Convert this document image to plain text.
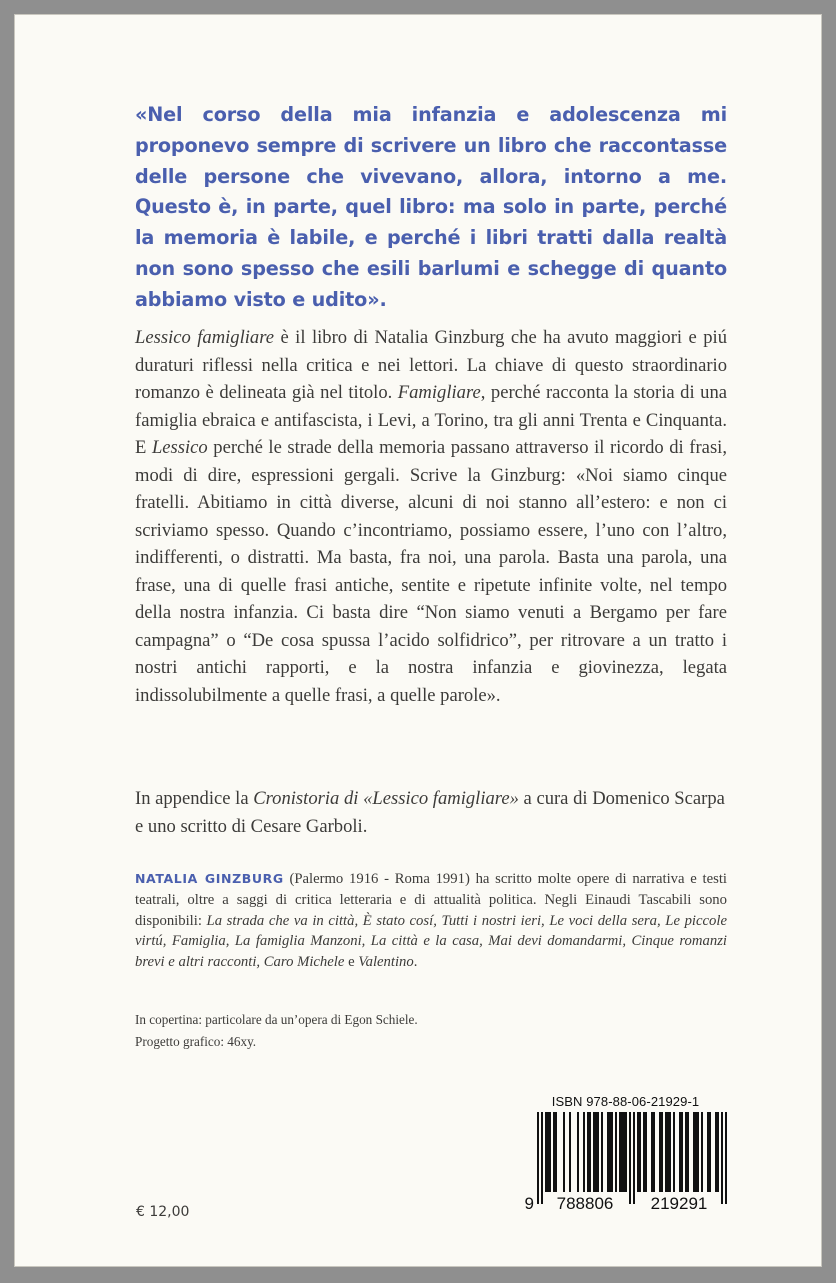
«Nel corso della mia infanzia e adolescenza mi proponevo sempre di scrivere un libro che raccontasse delle persone che vivevano, allora, intorno a me. Questo è, in parte, quel libro: ma solo in parte, perché la memoria è labile, e perché i libri tratti dalla realtà non sono spesso che esili barlumi e schegge di quanto abbiamo visto e udito».

Lessico famigliare è il libro di Natalia Ginzburg che ha avuto maggiori e piú duraturi riflessi nella critica e nei lettori. La chiave di questo straordinario romanzo è delineata già nel titolo. Famigliare, perché racconta la storia di una famiglia ebraica e antifascista, i Levi, a Torino, tra gli anni Trenta e Cinquanta. E Lessico perché le strade della memoria passano attraverso il ricordo di frasi, modi di dire, espressioni gergali. Scrive la Ginzburg: «Noi siamo cinque fratelli. Abitiamo in città diverse, alcuni di noi stanno all’estero: e non ci scriviamo spesso. Quando c’incontriamo, possiamo essere, l’uno con l’altro, indifferenti, o distratti. Ma basta, fra noi, una parola. Basta una parola, una frase, una di quelle frasi antiche, sentite e ripetute infinite volte, nel tempo della nostra infanzia. Ci basta dire “Non siamo venuti a Bergamo per fare campagna” o “De cosa spussa l’acido solfidrico”, per ritrovare a un tratto i nostri antichi rapporti, e la nostra infanzia e giovinezza, legata indissolubilmente a quelle frasi, a quelle parole».

In appendice la Cronistoria di «Lessico famigliare» a cura di Domenico Scarpa e uno scritto di Cesare Garboli.

NATALIA GINZBURG (Palermo 1916 - Roma 1991) ha scritto molte opere di narrativa e testi teatrali, oltre a saggi di critica letteraria e di attualità politica. Negli Einaudi Tascabili sono disponibili: La strada che va in città, È stato cosí, Tutti i nostri ieri, Le voci della sera, Le piccole virtú, Famiglia, La famiglia Manzoni, La città e la casa, Mai devi domandarmi, Cinque romanzi brevi e altri racconti, Caro Michele e Valentino.

In copertina: particolare da un’opera di Egon Schiele.
Progetto grafico: 46xy.
ISBN 978-88-06-21929-1
9 788806 219291
€ 12,00
